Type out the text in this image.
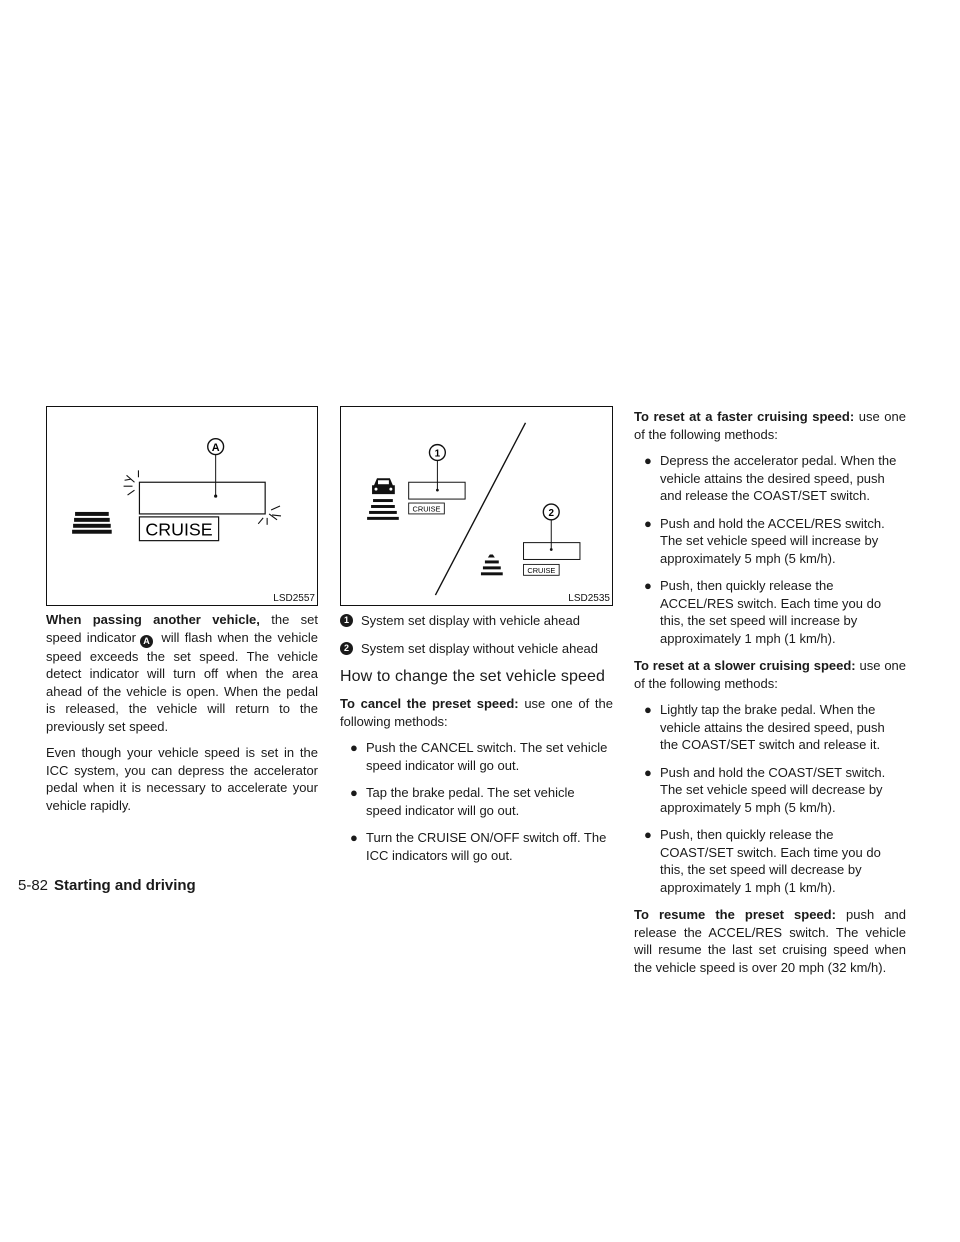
A
CRUISE
LSD2557

When passing another vehicle, the set speed indicator A will flash when the vehicle speed exceeds the set speed. The vehicle detect indicator will turn off when the area ahead of the vehicle is open. When the pedal is released, the vehicle will return to the previously set speed.

Even though your vehicle speed is set in the ICC system, you can depress the accelerator pedal when it is necessary to accelerate your vehicle rapidly.

1
CRUISE	2
CRUISE
LSD2535
1 System set display with vehicle ahead
2 System set display without vehicle ahead
How to change the set vehicle speed

To cancel the preset speed: use one of the following methods:

● Push the CANCEL switch. The set vehicle speed indicator will go out.
● Tap the brake pedal. The set vehicle speed indicator will go out.
● Turn the CRUISE ON/OFF switch off. The ICC indicators will go out.

To reset at a faster cruising speed: use one of the following methods:

● Depress the accelerator pedal. When the vehicle attains the desired speed, push and release the COAST/SET switch.
● Push and hold the ACCEL/RES switch. The set vehicle speed will increase by approximately 5 mph (5 km/h).
● Push, then quickly release the ACCEL/RES switch. Each time you do this, the set speed will increase by approximately 1 mph (1 km/h).

To reset at a slower cruising speed: use one of the following methods:

● Lightly tap the brake pedal. When the vehicle attains the desired speed, push the COAST/SET switch and release it.
● Push and hold the COAST/SET switch. The set vehicle speed will decrease by approximately 5 mph (5 km/h).
● Push, then quickly release the COAST/SET switch. Each time you do this, the set speed will decrease by approximately 1 mph (1 km/h).

To resume the preset speed: push and release the ACCEL/RES switch. The vehicle will resume the last set cruising speed when the vehicle speed is over 20 mph (32 km/h).

5-82 Starting and driving
